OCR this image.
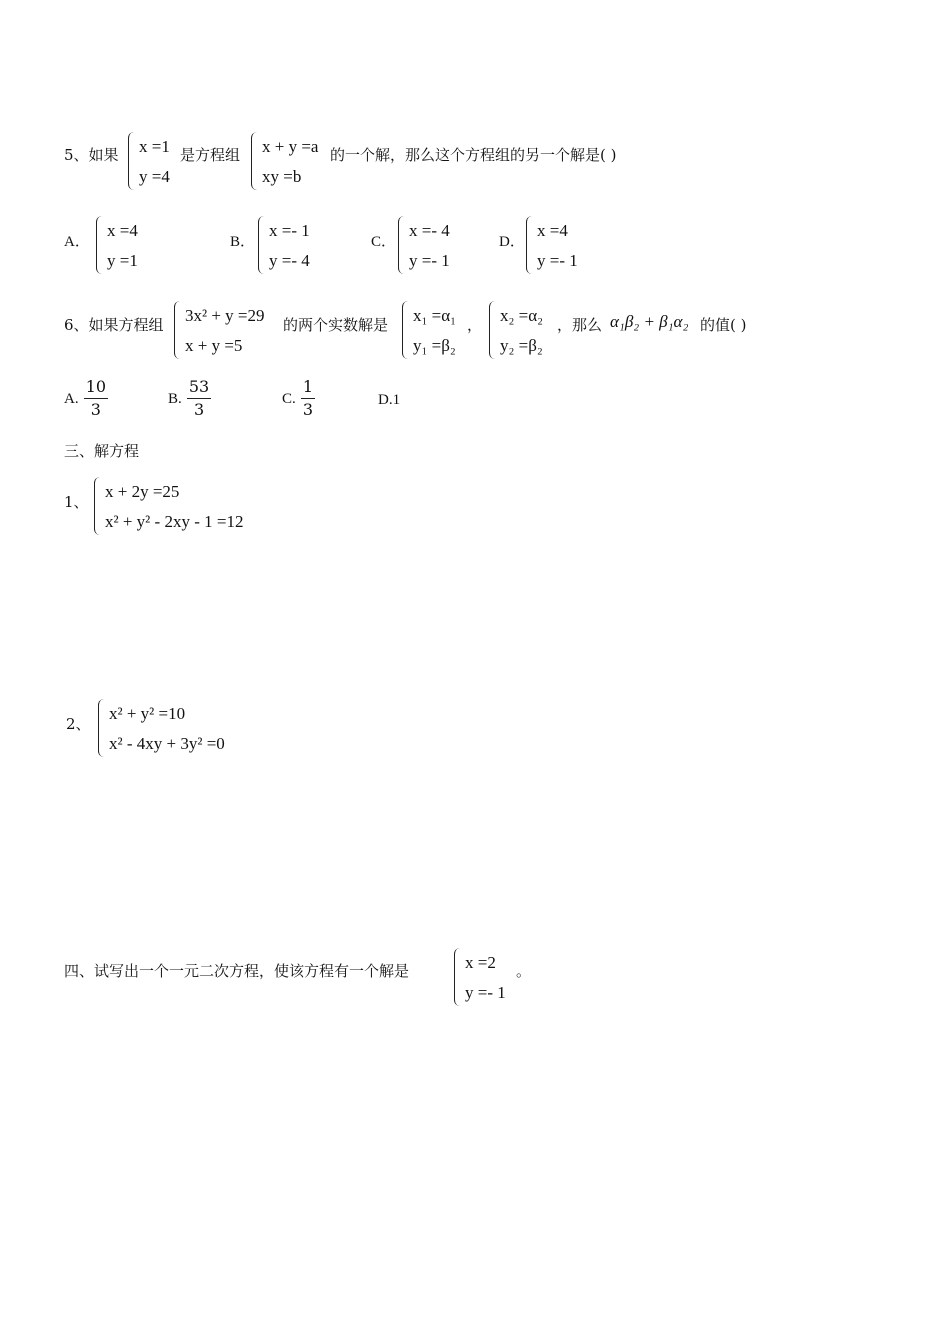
5、如果 x =1
y =4
是方程组 x + y =a
xy =b
的一个解，那么这个方程组的另一个解是( )
A．
x =4
y =1
B．
x =- 1
y =- 4
C．
x =- 4
y =- 1
D．
x =4
y =- 1
6、如果方程组 3x² + y =29
x + y =5
的两个实数解是 x₁ =α₁
y₁ =β₂
， x₂ =α₂
y₂ =β₂
，那么 α₁β₂ + β₁α₂ 的值( )
A. $\frac{10}{3}$	B. $\frac{53}{3}$	C. $\frac{1}{3}$	D.1
三、解方程
1、
x + 2y =25
x² + y² - 2xy - 1 =12
2、
x² + y² =10
x² - 4xy + 3y² =0
四、试写出一个一元二次方程，使该方程有一个解是	x =2
y =- 1
。
